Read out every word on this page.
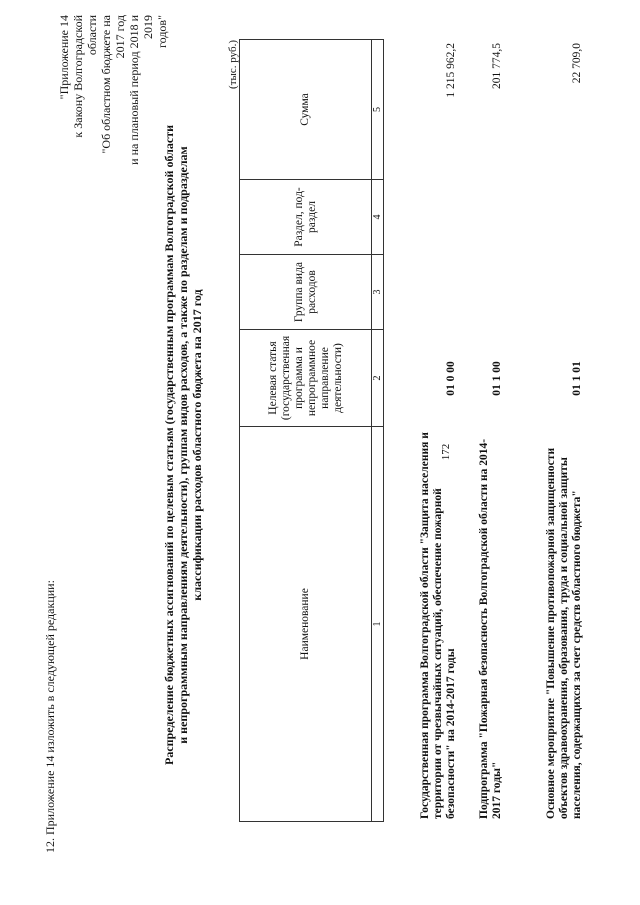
172
12. Приложение 14 изложить в следующей редакции:
"Приложение 14 к Закону Волгоградской области "Об областном бюджете на 2017 год и на плановый период 2018 и 2019 годов"
Распределение бюджетных ассигнований по целевым статьям (государственным программам Волгоградской области и непрограммным направлениям деятельности), группам видов расходов, а также по разделам и подразделам классификации расходов областного бюджета на 2017 год
(тыс. руб.)
Наименование	Целевая статья (государственная программа и непрограммное направление деятельности)	Группа вида расходов	Раздел, под-раздел	Сумма
1	2	3	4	5
Государственная программа Волгоградской области "Защита населения и территории от чрезвычайных ситуаций, обеспечение пожарной безопасности" на 2014-2017 годы	01 0 00			1 215 962,2
Подпрограмма "Пожарная безопасность Волгоградской области на 2014-2017 годы"	01 1 00			201 774,5
Основное мероприятие "Повышение противопожарной защищенности объектов здравоохранения, образования, труда и социальной защиты населения, содержащихся за счет средств областного бюджета"	01 1 01			22 709,0
